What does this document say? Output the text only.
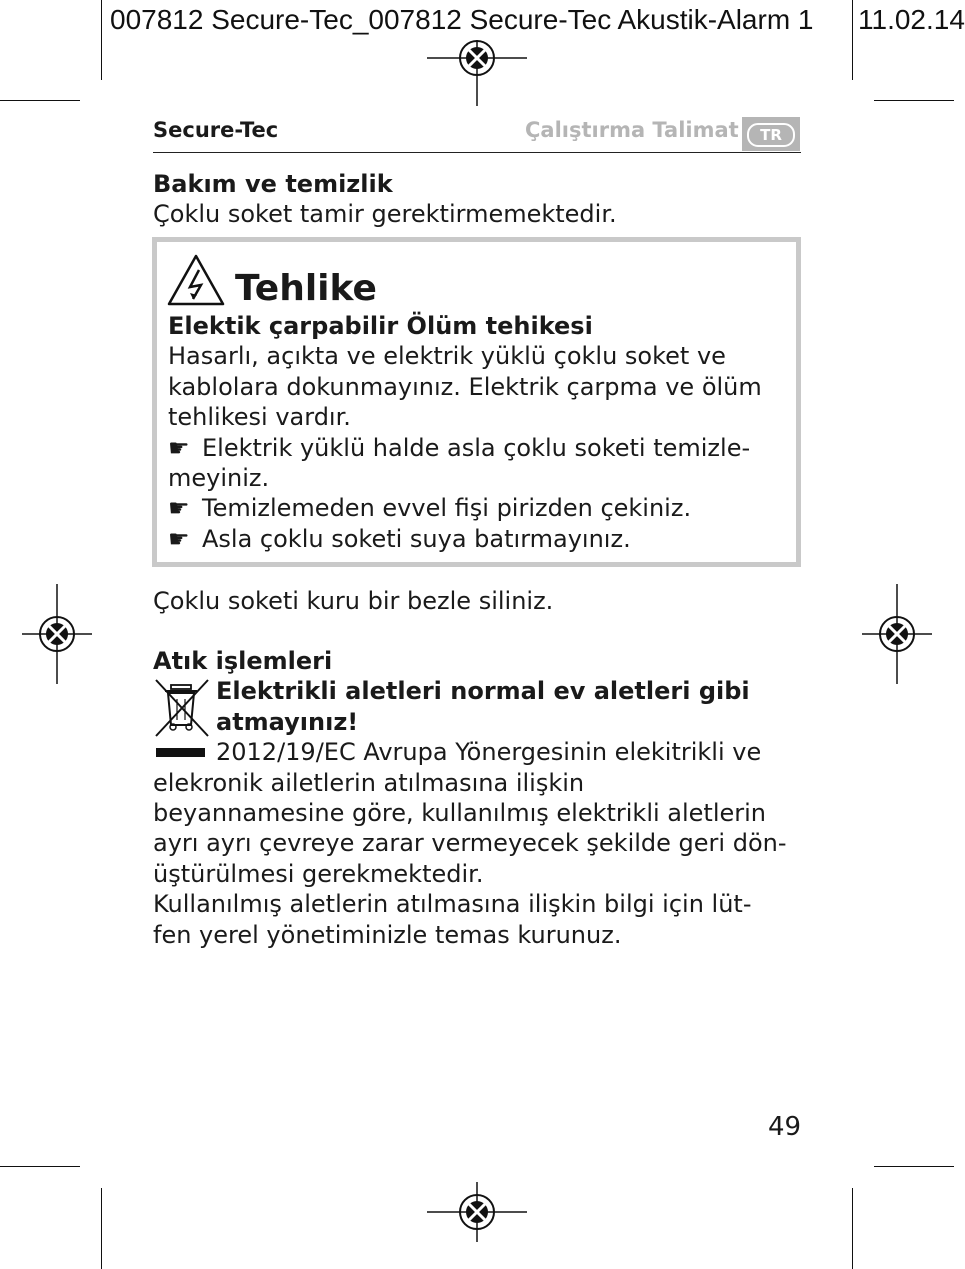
007812 Secure-Tec_007812 Secure-Tec Akustik-Alarm 1 11.02.14
Secure-Tec	Çalıştırma Talimat	TR
Bakım ve temizlik
Çoklu soket tamir gerektirmemektedir.
Tehlike
Elektik çarpabilir Ölüm tehikesi
Hasarlı, açıkta ve elektrik yüklü çoklu soket ve
kablolara dokunmayınız. Elektrik çarpma ve ölüm
tehlikesi vardır.
☛ Elektrik yüklü halde asla çoklu soketi temizle-
meyiniz.
☛ Temizlemeden evvel fişi pirizden çekiniz.
☛ Asla çoklu soketi suya batırmayınız.
Çoklu soketi kuru bir bezle siliniz.
Atık işlemleri
Elektrikli aletleri normal ev aletleri gibi
atmayınız!
2012/19/EC Avrupa Yönergesinin elekitrikli ve
elekronik ailetlerin atılmasına ilişkin
beyannamesine göre, kullanılmış elektrikli aletlerin
ayrı ayrı çevreye zarar vermeyecek şekilde geri dön-
üştürülmesi gerekmektedir.
Kullanılmış aletlerin atılmasına ilişkin bilgi için lüt-
fen yerel yönetiminizle temas kurunuz.
49
